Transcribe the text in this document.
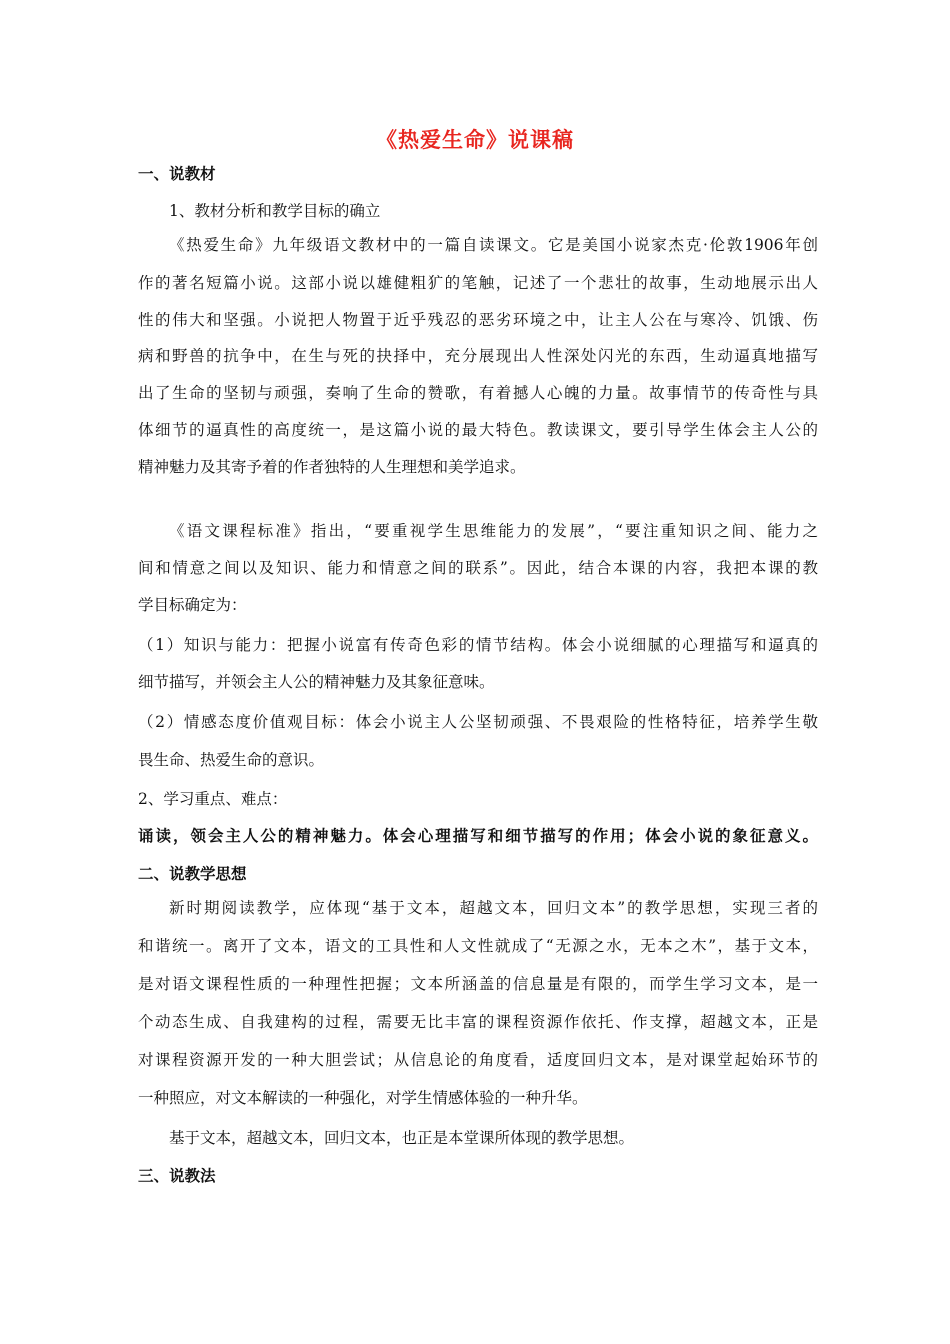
《热爱生命》说课稿
一、说教材
1、教材分析和教学目标的确立
《热爱生命》九年级语文教材中的一篇自读课文。它是美国小说家杰克·伦敦1906年创
作的著名短篇小说。这部小说以雄健粗犷的笔触，记述了一个悲壮的故事，生动地展示出人
性的伟大和坚强。小说把人物置于近乎残忍的恶劣环境之中，让主人公在与寒冷、饥饿、伤
病和野兽的抗争中，在生与死的抉择中，充分展现出人性深处闪光的东西，生动逼真地描写
出了生命的坚韧与顽强，奏响了生命的赞歌，有着撼人心魄的力量。故事情节的传奇性与具
《语文课程标准》指出，“要重视学生思维能力的发展”，“要注重知识之间、能力之
间和情意之间以及知识、能力和情意之间的联系”。因此，结合本课的内容，我把本课的教
学目标确定为：
（1）知识与能力：把握小说富有传奇色彩的情节结构。体会小说细腻的心理描写和逼真的
细节描写，并领会主人公的精神魅力及其象征意味。
（2）情感态度价值观目标：体会小说主人公坚韧顽强、不畏艰险的性格特征，培养学生敬
畏生命、热爱生命的意识。
2、学习重点、难点：
诵读，领会主人公的精神魅力。体会心理描写和细节描写的作用；体会小说的象征意义。
二、说教学思想
新时期阅读教学，应体现“基于文本，超越文本，回归文本”的教学思想，实现三者的
和谐统一。离开了文本，语文的工具性和人文性就成了“无源之水，无本之木”，基于文本，
是对语文课程性质的一种理性把握；文本所涵盖的信息量是有限的，而学生学习文本，是一
个动态生成、自我建构的过程，需要无比丰富的课程资源作依托、作支撑，超越文本，正是
对课程资源开发的一种大胆尝试；从信息论的角度看，适度回归文本，是对课堂起始环节的
一种照应，对文本解读的一种强化，对学生情感体验的一种升华。
基于文本，超越文本，回归文本，也正是本堂课所体现的教学思想。
三、说教法
体细节的逼真性的高度统一，是这篇小说的最大特色。教读课文，要引导学生体会主人公的
精神魅力及其寄予着的作者独特的人生理想和美学追求。
